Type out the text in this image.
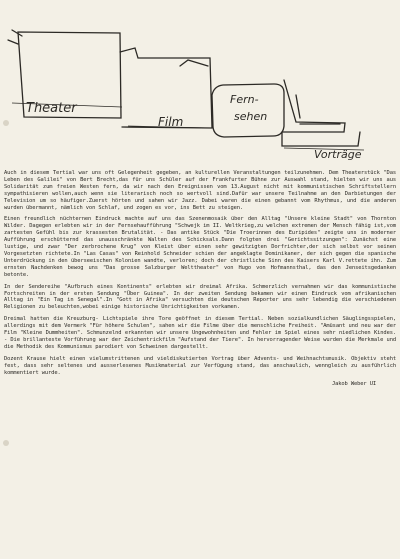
Theater
Film
Fern-
sehen
Vorträge

Auch in diesem Tertial war uns oft Gelegenheit gegeben, an kulturellen Veranstaltungen teilzunehmen. Dem Theaterstück "Das Leben des Galilei" von Bert Brecht,das für uns Schüler auf der Frankfurter Bühne zur Auswahl stand, hielten wir uns aus Solidarität zum freien Westen fern, da wir nach den Ereignissen vom 13.August nicht mit kommunistischen Schriftstellern sympathisieren wollen,auch wenn sie literarisch noch so wertvoll sind.Dafür war unsere Teilnahme an den Darbietungen der Television um so häufiger.Zuerst hörten und sahen wir Jazz. Dabei waren die einen gebannt vom Rhythmus, und die anderen wurden übermannt, nämlich von Schlaf, und zogen es vor, ins Bett zu steigen.

Einen freundlich nüchternen Eindruck machte auf uns das Szenenmosaik über den Alltag "Unsere kleine Stadt" von Thornton Wilder. Dagegen erlebten wir in der Fernsehaufführung "Schwejk im II. Weltkrieg,zu welchen extremen der Mensch fähig ist,vom zartesten Gefühl bis zur krassesten Brutalität. - Das antike Stück "Die Troerinnen des Euripides" zeigte uns in moderner Aufführung erschütternd das unausschränkte Walten des Schicksals.Dann folgten drei "Gerichtssitzungen": Zunächst eine lustige, und zwar "Der zerbrochene Krug" von Kleist über einen sehr gewitzigten Dorfrichter,der sich selbst vor seinen Vorgesetzten richtete.In "Las Casas" von Reinhold Schneider schien der angeklagte Dominikaner, der sich gegen die spanische Unterdrückung in den überseeischen Kolonien wandte, verloren; doch der christliche Sinn des Kaisers Karl V.rettete ihn. Zum ernsten Nachdenken bewog uns "Das grosse Salzburger Welttheater" von Hugo von Hofmannsthal, das den Jenseitsgedanken betonte.

In der Sendereihe "Aufbruch eines Kontinents" erlebten wir dreimal Afrika. Schmerzlich vernahmen wir das kommunistische Fortschreiten in der ersten Sendung "Über Guinea". In der zweiten Sendung bekamen wir einen Eindruck vom afrikanischen Alltag in "Ein Tag in Senegal".In "Gott in Afrika" versuchten die deutschen Reporter uns sehr lebendig die verschiedenen Religionen zu beleuchten,wobei einige historische Unrichtigkeiten vorkamen.

Dreimal hatten die Kreuzburg- Lichtspiele ihre Tore geöffnet in diesem Tertial. Neben sozialkundlichen Säuglingsspielen, allerdings mit dem Vermerk "Für höhere Schulen", sahen wir die Filme über die menschliche Freiheit. "Amüsant und neu war der Film "Kleine Dummheiten". Schmunzelnd erkannten wir unsere Ungewohnheiten und Fehler im Spiel eines sehr niedlichen Kindes. - Die brillanteste Vorführung war der Zeichentrickfilm "Aufstand der Tiere". In hervorragender Weise wurden die Merkmale und die Methodik des Kommunismus parodiert von Schweinen dargestellt.

Dozent Krause hielt einen vielumstrittenen und vieldiskutierten Vortrag über Advents- und Weihnachtsmusik. Objektiv steht fest, dass sehr seltenes und ausserlesenes Musikmaterial zur Verfügung stand, das anschaulich, wenngleich zu ausführlich kommentiert wurde.

Jakob Weber UI
